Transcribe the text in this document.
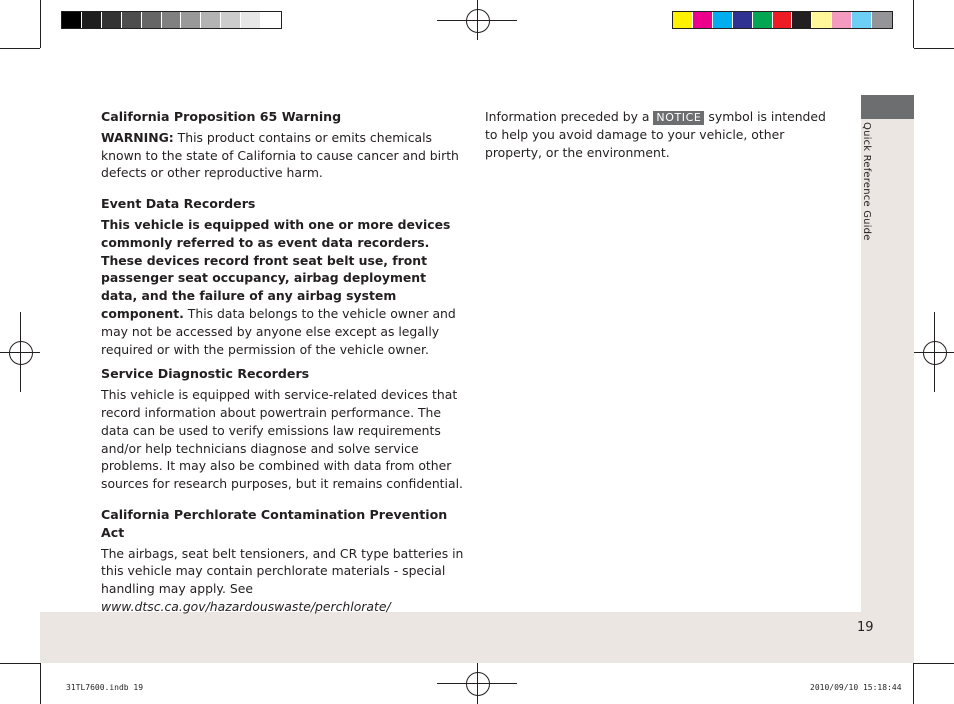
Quick Reference Guide
19
California Proposition 65 Warning
WARNING: This product contains or emits chemicals known to the state of California to cause cancer and birth defects or other reproductive harm.
Event Data Recorders
This vehicle is equipped with one or more devices commonly referred to as event data recorders. These devices record front seat belt use, front passenger seat occupancy, airbag deployment data, and the failure of any airbag system component. This data belongs to the vehicle owner and may not be accessed by anyone else except as legally required or with the permission of the vehicle owner.
Service Diagnostic Recorders
This vehicle is equipped with service-related devices that record information about powertrain performance. The data can be used to verify emissions law requirements and/or help technicians diagnose and solve service problems. It may also be combined with data from other sources for research purposes, but it remains confidential.
California Perchlorate Contamination Prevention Act
The airbags, seat belt tensioners, and CR type batteries in this vehicle may contain perchlorate materials - special handling may apply. See www.dtsc.ca.gov/hazardouswaste/perchlorate/
Information preceded by a NOTICE symbol is intended to help you avoid damage to your vehicle, other property, or the environment.
31TL7600.indb 19	2010/09/10 15:18:44
